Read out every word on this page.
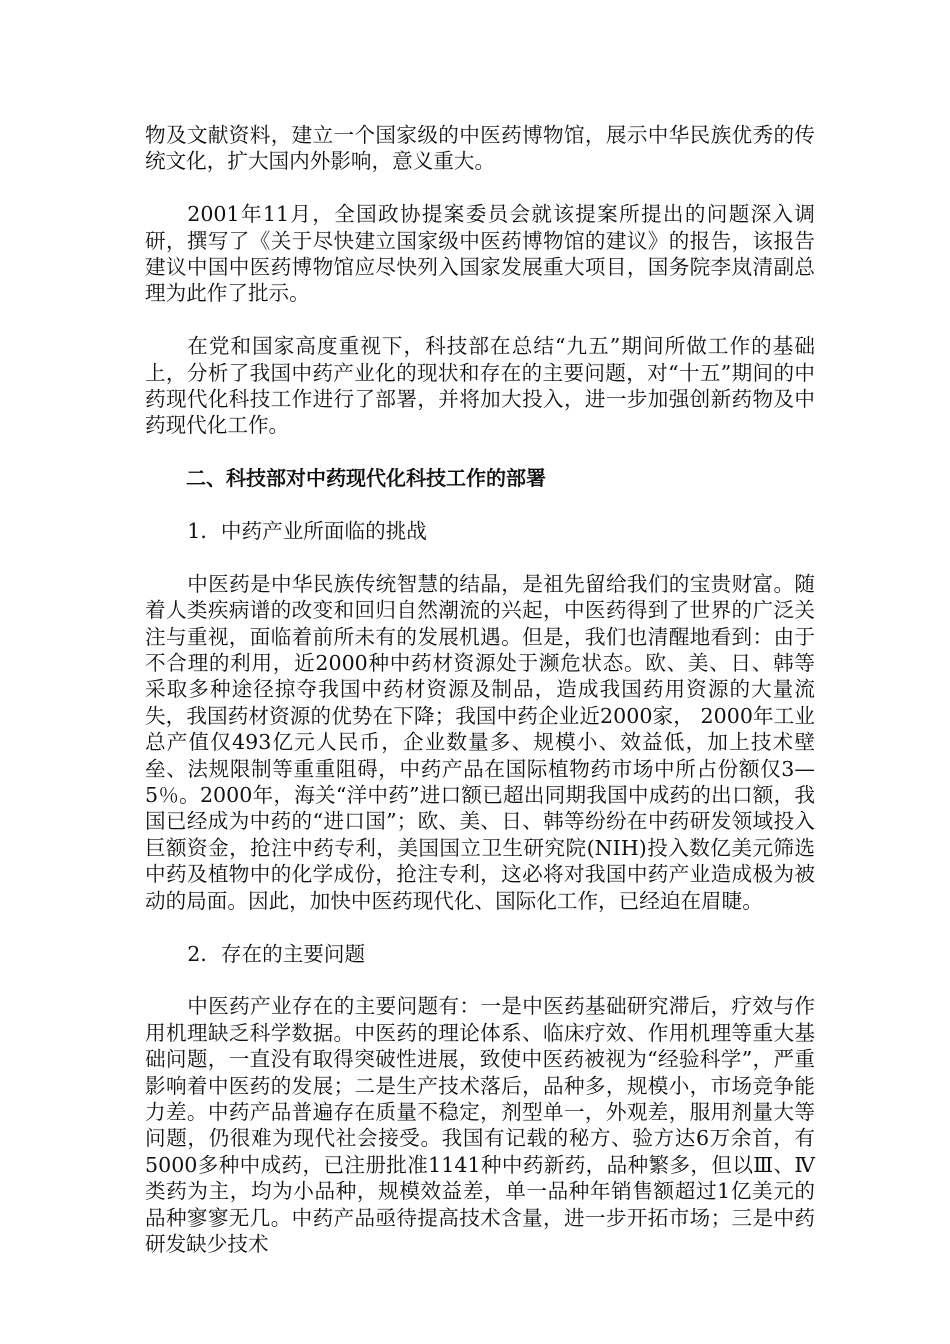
物及文献资料，建立一个国家级的中医药博物馆，展示中华民族优秀的传统文化，扩大国内外影响，意义重大。

2001年11月，全国政协提案委员会就该提案所提出的问题深入调研，撰写了《关于尽快建立国家级中医药博物馆的建议》的报告，该报告建议中国中医药博物馆应尽快列入国家发展重大项目，国务院李岚清副总理为此作了批示。

在党和国家高度重视下，科技部在总结“九五”期间所做工作的基础上，分析了我国中药产业化的现状和存在的主要问题，对“十五”期间的中药现代化科技工作进行了部署，并将加大投入，进一步加强创新药物及中药现代化工作。

二、科技部对中药现代化科技工作的部署

1．中药产业所面临的挑战

中医药是中华民族传统智慧的结晶，是祖先留给我们的宝贵财富。随着人类疾病谱的改变和回归自然潮流的兴起，中医药得到了世界的广泛关注与重视，面临着前所未有的发展机遇。但是，我们也清醒地看到：由于不合理的利用，近2000种中药材资源处于濒危状态。欧、美、日、韩等采取多种途径掠夺我国中药材资源及制品，造成我国药用资源的大量流失，我国药材资源的优势在下降；我国中药企业近2000家， 2000年工业总产值仅493亿元人民币，企业数量多、规模小、效益低，加上技术壁垒、法规限制等重重阻碍，中药产品在国际植物药市场中所占份额仅3—5％。2000年，海关“洋中药”进口额已超出同期我国中成药的出口额，我国已经成为中药的“进口国”；欧、美、日、韩等纷纷在中药研发领域投入巨额资金，抢注中药专利，美国国立卫生研究院(NIH)投入数亿美元筛选中药及植物中的化学成份，抢注专利，这必将对我国中药产业造成极为被动的局面。因此，加快中医药现代化、国际化工作，已经迫在眉睫。

2．存在的主要问题

中医药产业存在的主要问题有：一是中医药基础研究滞后，疗效与作用机理缺乏科学数据。中医药的理论体系、临床疗效、作用机理等重大基础问题，一直没有取得突破性进展，致使中医药被视为“经验科学”，严重影响着中医药的发展；二是生产技术落后，品种多，规模小，市场竞争能力差。中药产品普遍存在质量不稳定，剂型单一，外观差，服用剂量大等问题，仍很难为现代社会接受。我国有记载的秘方、验方达6万余首，有5000多种中成药，已注册批准1141种中药新药，品种繁多，但以Ⅲ、Ⅳ类药为主，均为小品种，规模效益差，单一品种年销售额超过1亿美元的品种寥寥无几。中药产品亟待提高技术含量，进一步开拓市场；三是中药研发缺少技术
